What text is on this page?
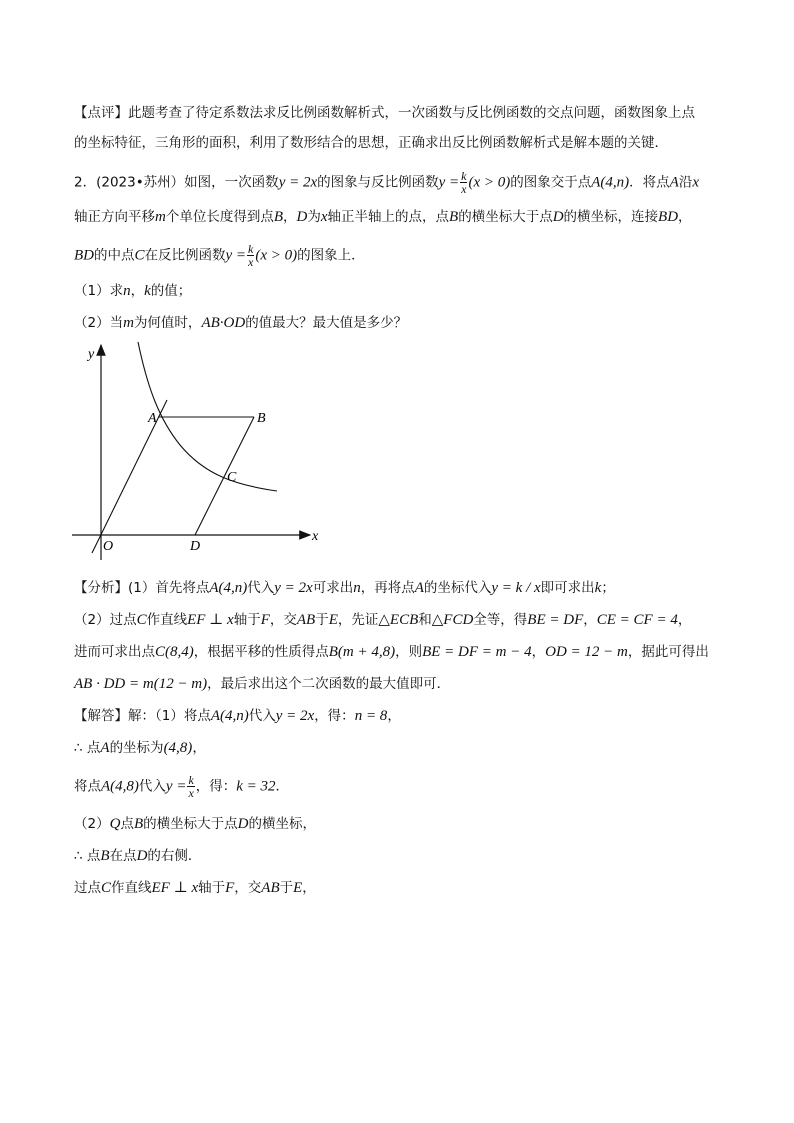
【点评】此题考查了待定系数法求反比例函数解析式，一次函数与反比例函数的交点问题，函数图象上点
的坐标特征，三角形的面积，利用了数形结合的思想，正确求出反比例函数解析式是解本题的关键．
2．(2023•苏州）如图，一次函数y = 2x的图象与反比例函数$y = \frac{k}{x} (x > 0)$的图象交于点A(4,n)．将点A沿x
轴正方向平移m个单位长度得到点B，D为x轴正半轴上的点，点B的横坐标大于点D的横坐标，连接BD，
BD的中点C在反比例函数$y = \frac{k}{x} (x > 0)$的图象上．
（1）求n，k的值；
（2）当m为何值时，AB·OD的值最大？最大值是多少？
y
x
O
A	B
C
D
【分析】(1）首先将点A(4,n)代入y = 2x可求出n，再将点A的坐标代入y = k / x即可求出k；
（2）过点C作直线EF ⊥ x轴于F，交AB于E，先证△ECB和△FCD全等，得BE = DF，CE = CF = 4，
进而可求出点C(8,4)，根据平移的性质得点B(m + 4,8)，则BE = DF = m − 4，OD = 12 − m，据此可得出
AB · DD = m(12 − m)，最后求出这个二次函数的最大值即可．
【解答】解：（1）将点A(4,n)代入y = 2x，得：n = 8，
∴ 点A的坐标为(4,8)，
将点A(4,8)代入$y = \frac{k}{x}$ ，得：k = 32．
（2）Q点B的横坐标大于点D的横坐标，
∴ 点B在点D的右侧．
过点C作直线EF ⊥ x轴于F，交AB于E，
